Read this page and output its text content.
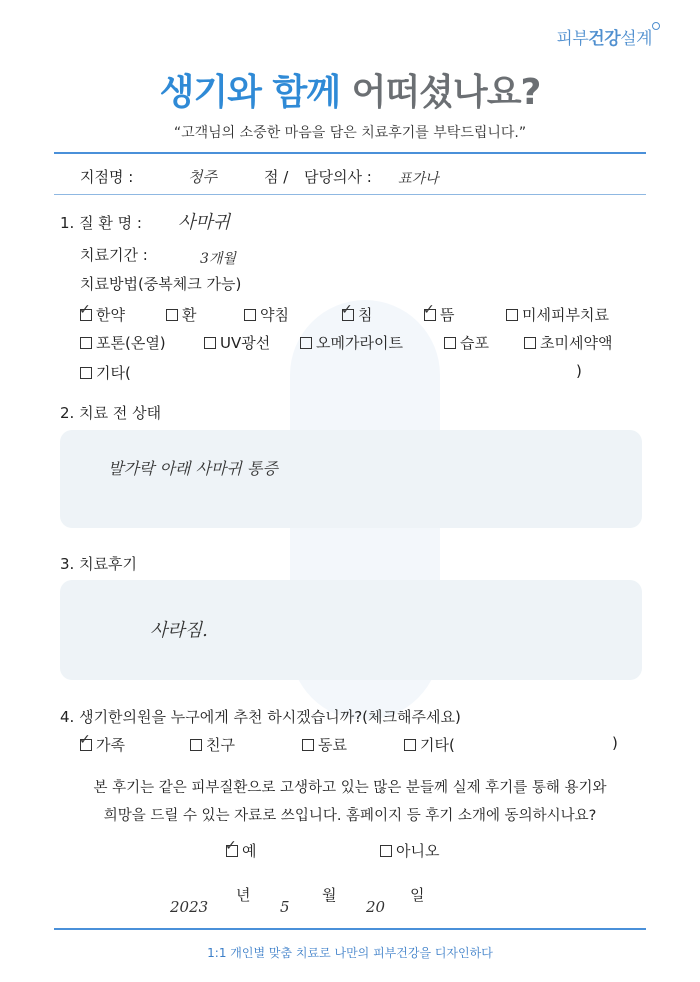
피부건강설계
생기와 함께 어떠셨나요?
“고객님의 소중한 마음을 담은 치료후기를 부탁드립니다.”
지점명 :	청주	점 / 담당의사 : 표가나
1. 질 환 명 : 사마귀
치료기간 :	3개월
치료방법(중복체크 가능)
✓ 한약	환	약침	✓ 침	✓ 뜸	미세피부치료
포톤(온열)	UV광선	오메가라이트	습포	초미세약액
기타(	)
2. 치료 전 상태
발가락 아래 사마귀 통증
3. 치료후기
사라짐.
4. 생기한의원을 누구에게 추천 하시겠습니까?(체크해주세요)
✓ 가족	친구	동료	기타(	)
본 후기는 같은 피부질환으로 고생하고 있는 많은 분들께 실제 후기를 통해 용기와
희망을 드릴 수 있는 자료로 쓰입니다. 홈페이지 등 후기 소개에 동의하시나요?
✓ 예	아니오
2023
년
5
월
20
일
1:1 개인별 맞춤 치료로 나만의 피부건강을 디자인하다
